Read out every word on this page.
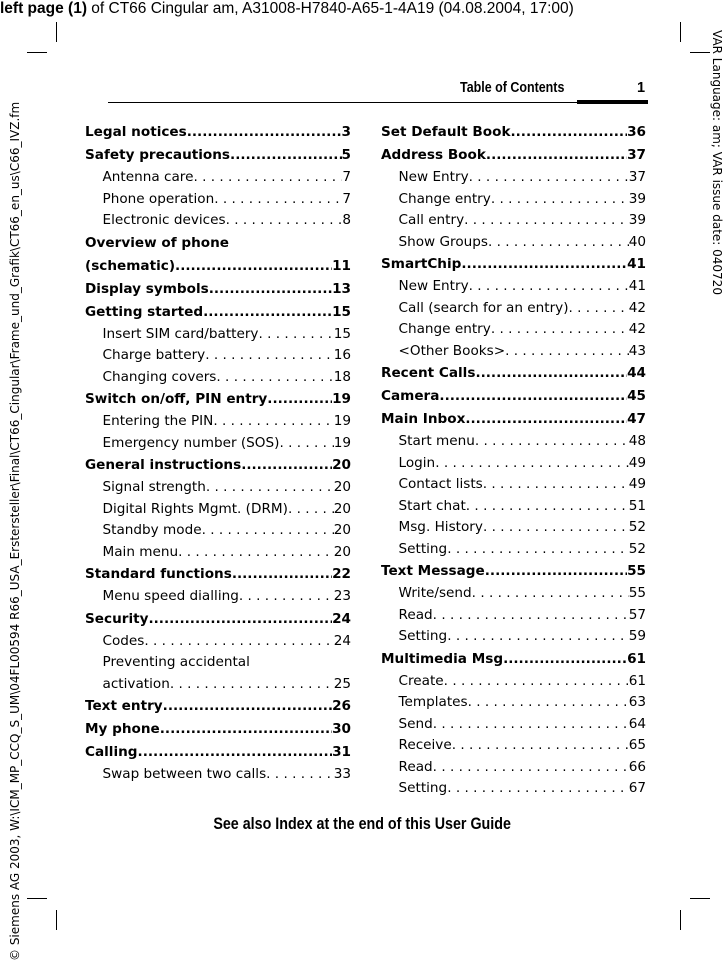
left page (1) of CT66 Cingular am, A31008-H7840-A65-1-4A19 (04.08.2004, 17:00)
© Siemens AG 2003, W:\ICM_MP_CCQ_S_UM\04FL00594 R66_USA_Erstersteller\Final\CT66_Cingular\Frame_und_Grafik\CT66_en_us\C66_IVZ.fm	VAR Language: am; VAR issue date: 040720
Table of Contents	1
Legal notices .....	3
Safety precautions .....	5
Antenna care . . .	7
Phone operation . . .	7
Electronic devices . . .	8
Overview of phone
(schematic) .....	11
Display symbols .....	13
Getting started .....	15
Insert SIM card/battery . . .	15
Charge battery . . .	16
Changing covers . . .	18
Switch on/off, PIN entry .....	19
Entering the PIN . . .	19
Emergency number (SOS) . . .	19
General instructions .....	20
Signal strength . . .	20
Digital Rights Mgmt. (DRM) . . .	20
Standby mode . . .	20
Main menu . . .	20
Standard functions .....	22
Menu speed dialling . . .	23
Security .....	24
Codes . . .	24
Preventing accidental
activation . . .	25
Text entry .....	26
My phone .....	30
Calling .....	31
Swap between two calls . . .	33
Set Default Book .....	36
Address Book .....	37
New Entry . . .	37
Change entry . . .	39
Call entry . . .	39
Show Groups . . .	40
SmartChip .....	41
New Entry . . .	41
Call (search for an entry) . . .	42
Change entry . . .	42
<Other Books> . . .	43
Recent Calls .....	44
Camera .....	45
Main Inbox .....	47
Start menu . . .	48
Login . . .	49
Contact lists . . .	49
Start chat . . .	51
Msg. History . . .	52
Setting . . .	52
Text Message .....	55
Write/send . . .	55
Read . . .	57
Setting . . .	59
Multimedia Msg .....	61
Create . . .	61
Templates . . .	63
Send . . .	64
Receive . . .	65
Read . . .	66
Setting . . .	67
See also Index at the end of this User Guide
